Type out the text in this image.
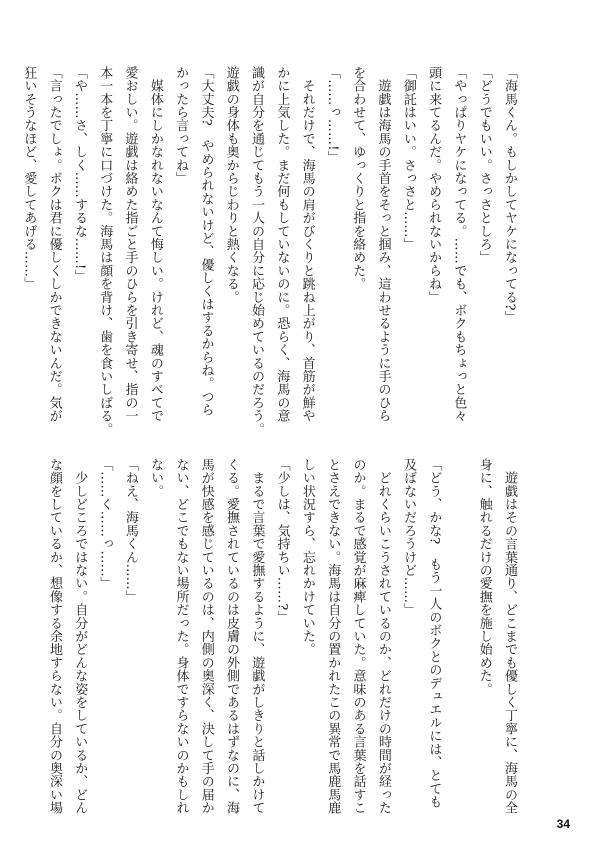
「海馬くん。もしかしてヤケになってる?」
「どうでもいい。さっさとしろ」
「やっぱりヤケになってる。……でも、ボクもちょっと色々
頭に来てるんだ。やめられないからね」
「御託はいい。さっさと……」
　遊戯は海馬の手首をそっと掴み、這わせるように手のひら
を合わせて、ゆっくりと指を絡めた。
「……っ……!」
　それだけで、海馬の肩がびくりと跳ね上がり、首筋が鮮や
かに上気した。まだ何もしていないのに。恐らく、海馬の意
識が自分を通じてもう一人の自分に応じ始めているのだろう。
遊戯の身体も奥からじわりと熱くなる。
「大丈夫?　やめられないけど、優しくはするからね。つら
かったら言ってね」
　媒体にしかなれないなんて悔しい。けれど、魂のすべてで
愛おしい。遊戯は絡めた指ごと手のひらを引き寄せ、指の一
本一本を丁寧に口づけた。海馬は顔を背け、歯を食いしばる。
「や……さ、しく……するな……!」
「言ったでしょ。ボクは君に優しくしかできないんだ。気が
狂いそうなほど、愛してあげる……」
　遊戯はその言葉通り、どこまでも優しく丁寧に、海馬の全
身に、触れるだけの愛撫を施し始めた。
「どう、かな?　もう一人のボクとのデュエルには、とても
及ばないだろうけど……」
　どれくらいこうされているのか、どれだけの時間が経った
のか。まるで感覚が麻痺していた。意味のある言葉を話すこ
とさえできない。海馬は自分の置かれたこの異常で馬鹿馬鹿
しい状況すら、忘れかけていた。
「少しは、気持ちい……?」
　まるで言葉で愛撫するように、遊戯がしきりと話しかけて
くる。愛撫されているのは皮膚の外側であるはずなのに、海
馬が快感を感じているのは、内側の奥深く、決して手の届か
ない、どこでもない場所だった。身体ですらないのかもしれ
ない。
「ねえ、海馬くん……」
「……く……っ……」
　少しどころではない。自分がどんな姿をしているか、どん
な顔をしているか、想像する余地すらない。自分の奥深い場
34
